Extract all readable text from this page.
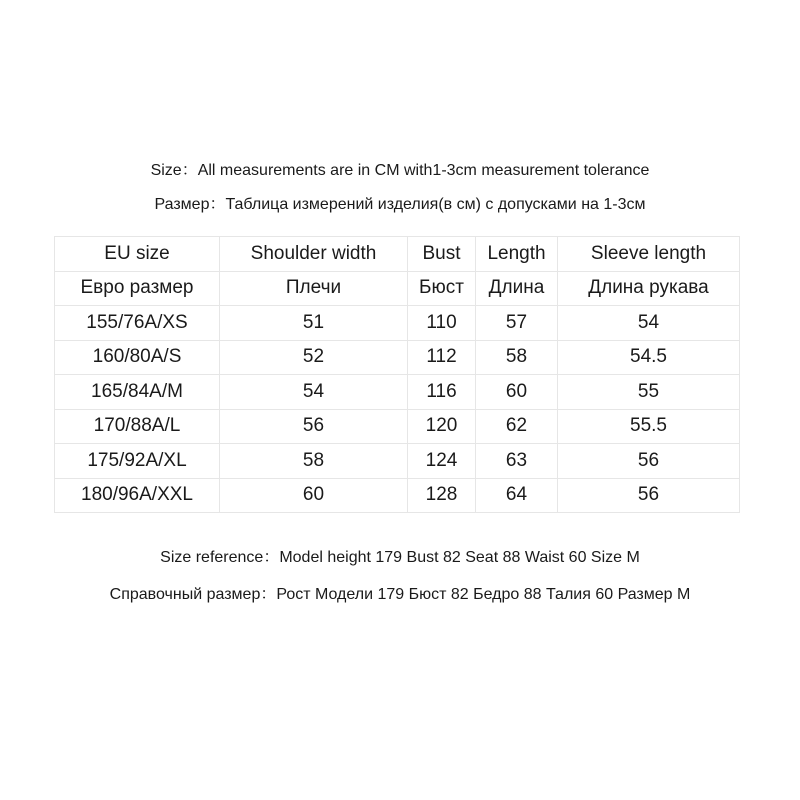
Size：All measurements are in CM with1-3cm measurement tolerance
Размер：Таблица измерений изделия(в см) с допусками на 1-3см
EU size	Shoulder width	Bust	Length	Sleeve length
Евро размер	Плечи	Бюст	Длина	Длина рукава
155/76A/XS	51	110	57	54
160/80A/S	52	112	58	54.5
165/84A/M	54	116	60	55
170/88A/L	56	120	62	55.5
175/92A/XL	58	124	63	56
180/96A/XXL	60	128	64	56
Size reference：Model height 179 Bust 82 Seat 88 Waist 60 Size M
Справочный размер：Рост Модели 179 Бюст 82 Бедро 88 Талия 60 Размер M
